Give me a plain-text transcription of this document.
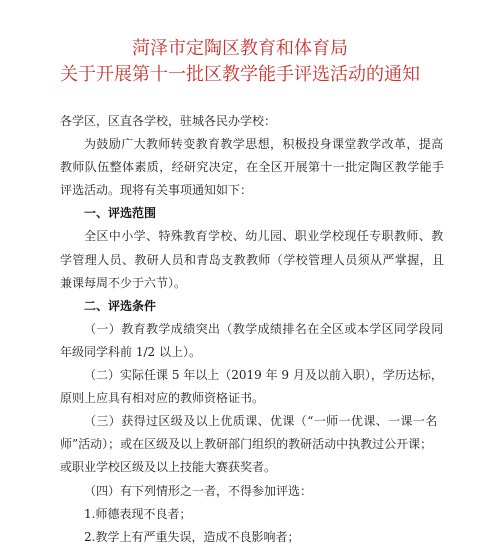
菏泽市定陶区教育和体育局
关于开展第十一批区教学能手评选活动的通知
各学区，区直各学校，驻城各民办学校：
为鼓励广大教师转变教育教学思想，积极投身课堂教学改革，提高
教师队伍整体素质，经研究决定，在全区开展第十一批定陶区教学能手
评选活动。现将有关事项通知如下：
一、评选范围
全区中小学、特殊教育学校、幼儿园、职业学校现任专职教师、教
学管理人员、教研人员和青岛支教教师（学校管理人员须从严掌握，且
兼课每周不少于六节）。
二、评选条件
（一）教育教学成绩突出（教学成绩排名在全区或本学区同学段同
年级同学科前 1/2 以上）。
（二）实际任课 5 年以上（2019 年 9 月及以前入职），学历达标，
原则上应具有相对应的教师资格证书。
（三）获得过区级及以上优质课、优课（“一师一优课、一课一名
师”活动）；或在区级及以上教研部门组织的教研活动中执教过公开课；
或职业学校区级及以上技能大赛获奖者。
（四）有下列情形之一者，不得参加评选：
1.师德表现不良者；
2.教学上有严重失误，造成不良影响者；
